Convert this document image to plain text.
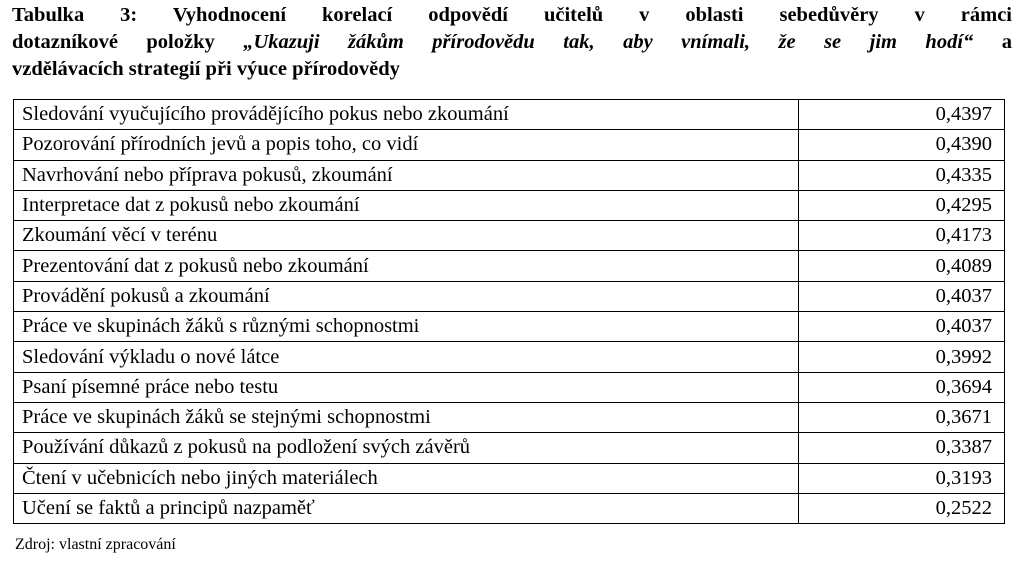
Tabulka 3: Vyhodnocení korelací odpovědí učitelů v oblasti sebedůvěry v rámci
dotazníkové položky „Ukazuji žákům přírodovědu tak, aby vnímali, že se jim hodí“ a
vzdělávacích strategií při výuce přírodovědy
Sledování vyučujícího provádějícího pokus nebo zkoumání	0,4397
Pozorování přírodních jevů a popis toho, co vidí	0,4390
Navrhování nebo příprava pokusů, zkoumání	0,4335
Interpretace dat z pokusů nebo zkoumání	0,4295
Zkoumání věcí v terénu	0,4173
Prezentování dat z pokusů nebo zkoumání	0,4089
Provádění pokusů a zkoumání	0,4037
Práce ve skupinách žáků s různými schopnostmi	0,4037
Sledování výkladu o nové látce	0,3992
Psaní písemné práce nebo testu	0,3694
Práce ve skupinách žáků se stejnými schopnostmi	0,3671
Používání důkazů z pokusů na podložení svých závěrů	0,3387
Čtení v učebnicích nebo jiných materiálech	0,3193
Učení se faktů a principů nazpaměť	0,2522
Zdroj: vlastní zpracování
